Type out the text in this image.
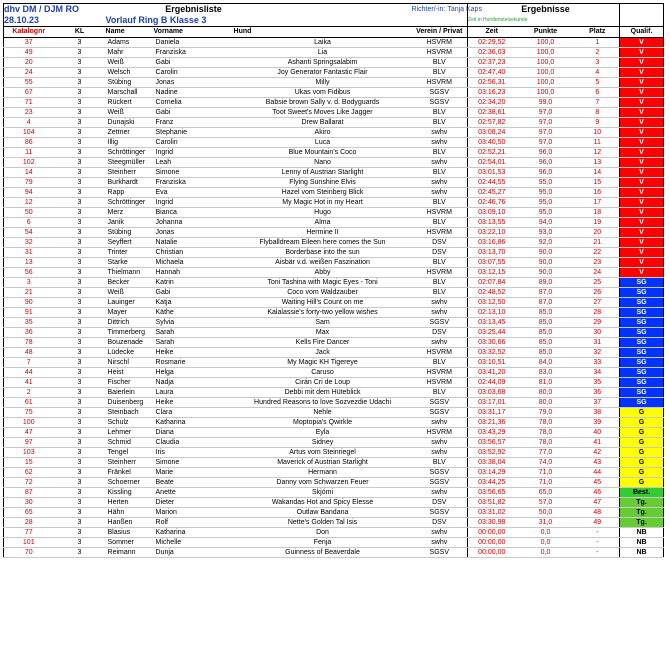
dhv DM / DJM RO			Ergebnisliste		Richter/-in: Tanja Kaps		Ergebnisse		
28.10.23		Vorlauf Ring B Klasse 3				Zeit in Hundertstelsekunde			
Katalognr	KL	Name	Vorname	Hund	Verein / Privat	Zeit	Punkte	Platz	Qualif.
37	3	Adams	Daniela	Laika	HSVRM	02:29,52	100,0	1	V
49	3	Mahr	Franziska	Lia	HSVRM	02:36,03	100,0	2	V
20	3	Weiß	Gabi	Ashanti Springsalabim	BLV	02:37,23	100,0	3	V
24	3	Welsch	Carolin	Joy Generator Fantastic Flair	BLV	02:47,40	100,0	4	V
55	3	Stübing	Jonas	Milly	HSVRM	02:56,31	100,0	5	V
67	3	Marschall	Nadine	Ukas vom Fidibus	SGSV	03:16,23	100,0	6	V
71	3	Rückert	Cornelia	Babsie brown Sally v. d. Bodyguards	SGSV	02:34,20	99,0	7	V
23	3	Weiß	Gabi	Toot Sweet's Moves Like Jagger	BLV	02:38,61	97,0	8	V
4	3	Dunajski	Franz	Drew Ballarat	BLV	02:57,82	97,0	9	V
104	3	Zettner	Stephanie	Akiro	swhv	03:08,24	97,0	10	V
86	3	Illig	Carolin	Luca	swhv	03:40,50	97,0	11	V
11	3	Schröttinger	Ingrid	Blue Mountain's Coco	BLV	02:52,21	96,0	12	V
102	3	Steegmüller	Leah	Nano	swhv	02:54,01	96,0	13	V
14	3	Steinherr	Simone	Lenny of Austrian Starlight	BLV	03:01,53	96,0	14	V
79	3	Burkhardt	Franziska	Flying Sunshine Elvis	swhv	02:44,55	95,0	15	V
94	3	Rapp	Eva	Hazel vom Steinberg Blick	swhv	02:45,27	95,0	16	V
12	3	Schröttinger	Ingrid	My Magic Hot in my Heart	BLV	02:46,76	95,0	17	V
50	3	Merz	Bianca	Hugo	HSVRM	03:09,10	95,0	18	V
6	3	Janik	Johanna	Alma	BLV	03:13,55	94,0	19	V
54	3	Stübing	Jonas	Hermine II	HSVRM	03:22,10	93,0	20	V
32	3	Seyffert	Natalie	Flyballdream Eileen here comes the Sun	DSV	03:16,86	92,0	21	V
31	3	Trinter	Christian	Borderbase into the sun	DSV	03:13,70	90,0	22	V
13	3	Starke	Michaela	Aisbär v.d. weißen Faszination	BLV	03:07,55	90,0	23	V
56	3	Thielmann	Hannah	Abby	HSVRM	03:12,15	90,0	24	V
3	3	Becker	Katrin	Toni Tashina with Magic Eyes - Toni	BLV	02:07,84	89,0	25	SG
21	3	Weiß	Gabi	Coco vom Waldzauber	BLV	02:48,52	87,0	26	SG
90	3	Lauinger	Katja	Waiting Hill's Count on me	swhv	03:12,50	87,0	27	SG
91	3	Mayer	Käthe	Kalalassie's forty-two yellow wishes	swhv	02:13,10	85,0	28	SG
35	3	Dittrich	Sylvia	Sam	SGSV	03:13,45	85,0	29	SG
36	3	Timmerberg	Sarah	Max	DSV	03:25,44	85,0	30	SG
78	3	Bouzenade	Sarah	Kells Fire Dancer	swhv	03:30,66	85,0	31	SG
48	3	Lüdecke	Heike	Jack	HSVRM	03:32,52	85,0	32	SG
7	3	Nirschl	Rosmarie	My Magic KH Tigereye	BLV	03:10,51	84,0	33	SG
44	3	Heist	Helga	Caruso	HSVRM	03:41,20	83,0	34	SG
41	3	Fischer	Nadja	Cirán Cri de Loup	HSVRM	02:44,09	81,0	35	SG
2	3	Baierlein	Laura	Debbi mit dem Hüteblick	BLV	03:03,68	80,0	36	SG
61	3	Duisenberg	Heike	Hundred Reasons to love Sozvezdie Udachi	SGSV	03:17,01	80,0	37	SG
75	3	Steinbach	Clara	Nehle	SGSV	03:31,17	79,0	38	G
100	3	Schulz	Katharina	Moptopia's Qwirkle	swhv	03:21,36	78,0	39	G
47	3	Lehmer	Diana	Eyla	HSVRM	03:43,29	78,0	40	G
97	3	Schmid	Claudia	Sidney	swhv	03:56,57	78,0	41	G
103	3	Tengel	Iris	Artus vom Steinriegel	swhv	03:52,92	77,0	42	G
15	3	Steinherr	Simone	Maverick of Austrian Starlight	BLV	03:38,04	74,0	43	G
62	3	Fränkel	Marie	Hermann	SGSV	03:14,29	71,0	44	G
72	3	Schoerner	Beate	Danny vom Schwarzen Feuer	SGSV	03:44,25	71,0	45	G
87	3	Kissling	Anette	Skjómi	swhv	03:56,65	65,0	46	Best.
30	3	Herten	Dieter	Wakandas Hot and Spicy Elesse	DSV	03:51,82	57,0	47	Tg.
65	3	Hähn	Marion	Outlaw Bandana	SGSV	03:31,02	50,0	48	Tg.
28	3	Hanßen	Rolf	Nette's Golden Tal Isis	DSV	03:30,98	31,0	49	Tg.
77	3	Blasius	Katharina	Don	swhv	00:00,00	0,0	-	NB
101	3	Sommer	Michelle	Fenja	swhv	00:00,00	0,0	-	NB
70	3	Reimann	Dunja	Guinness of Beaverdale	SGSV	00:00,00	0,0	-	NB
